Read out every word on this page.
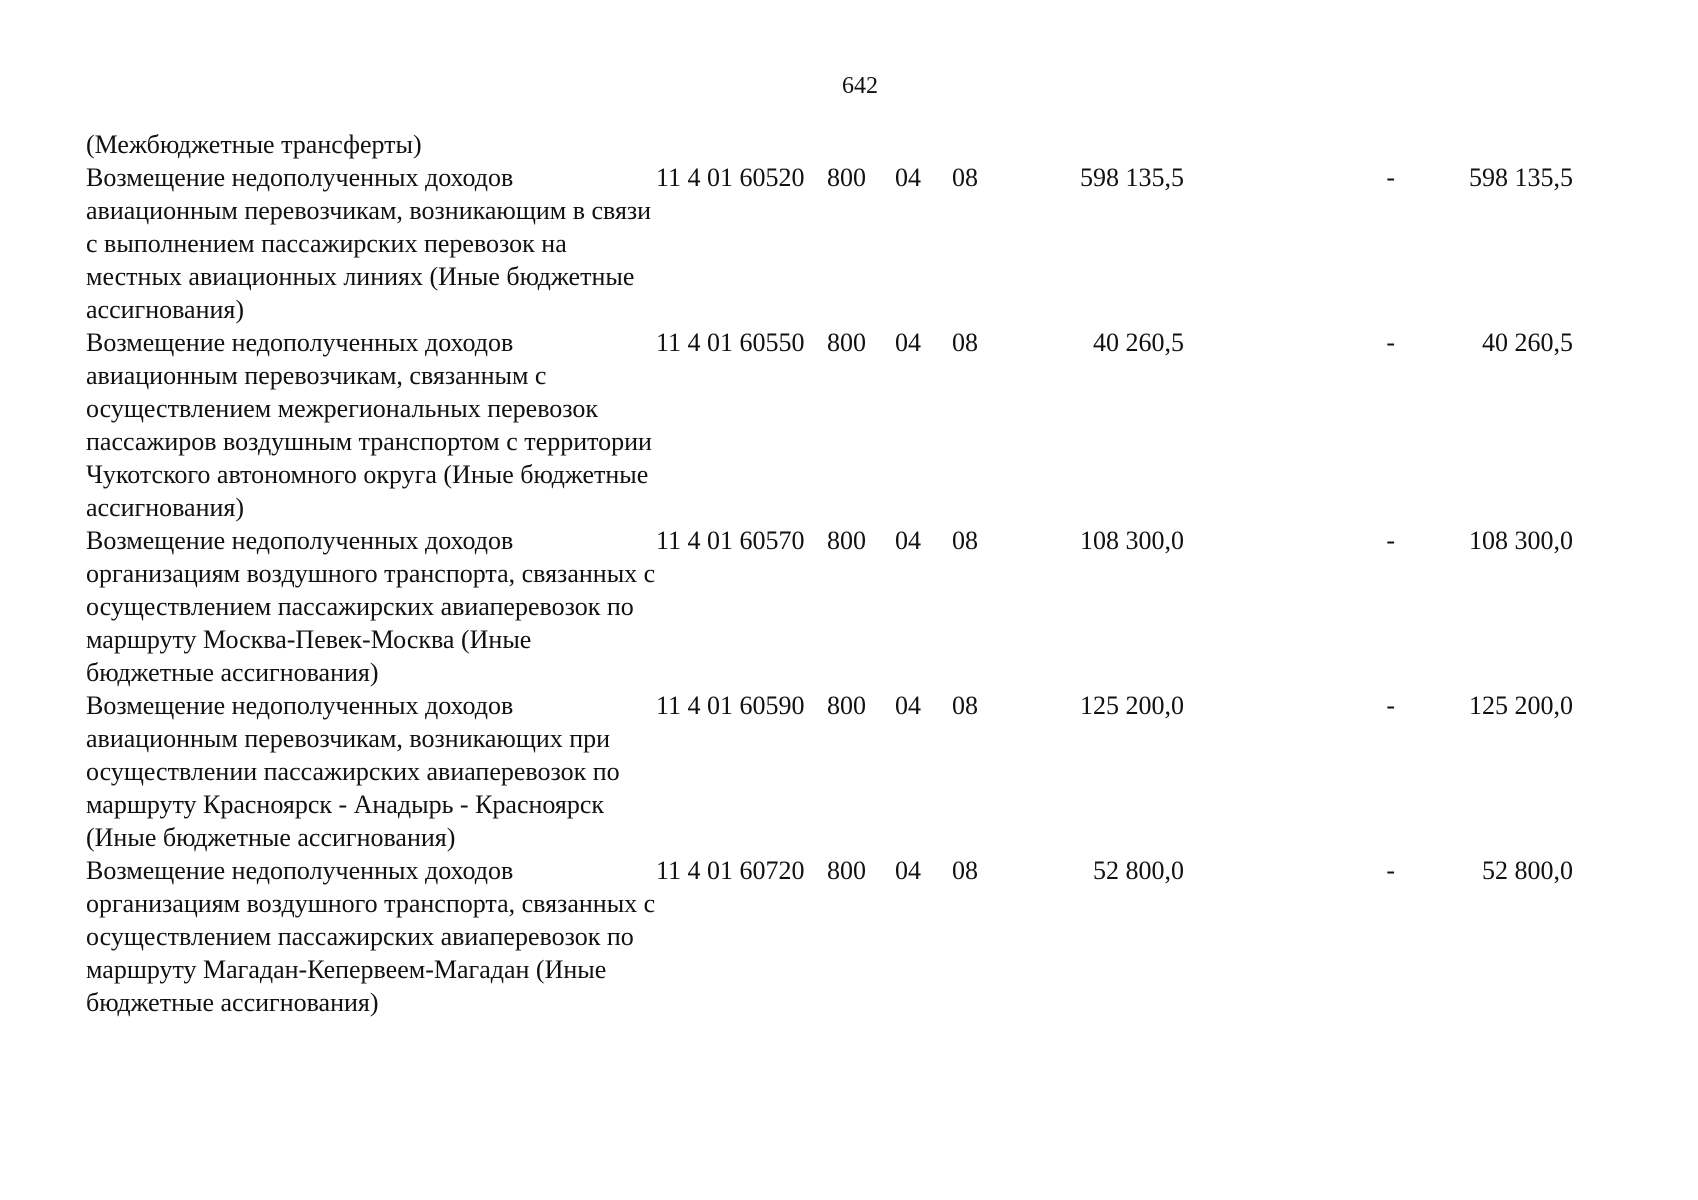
642
(Межбюджетные трансферты)
Возмещение недополученных доходов авиационным перевозчикам, возникающим в связи с выполнением пассажирских перевозок на местных авиационных линиях (Иные бюджетные ассигнования)	11 4 01 60520	800	04	08	598 135,5	-	598 135,5
Возмещение недополученных доходов авиационным перевозчикам, связанным с осуществлением межрегиональных перевозок пассажиров воздушным транспортом с территории Чукотского автономного округа (Иные бюджетные ассигнования)	11 4 01 60550	800	04	08	40 260,5	-	40 260,5
Возмещение недополученных доходов организациям воздушного транспорта, связанных с осуществлением пассажирских авиаперевозок по маршруту Москва-Певек-Москва (Иные бюджетные ассигнования)	11 4 01 60570	800	04	08	108 300,0	-	108 300,0
Возмещение недополученных доходов авиационным перевозчикам, возникающих при осуществлении пассажирских авиаперевозок по маршруту Красноярск - Анадырь - Красноярск (Иные бюджетные ассигнования)	11 4 01 60590	800	04	08	125 200,0	-	125 200,0
Возмещение недополученных доходов организациям воздушного транспорта, связанных с осуществлением пассажирских авиаперевозок по маршруту Магадан-Кепервеем-Магадан (Иные бюджетные ассигнования)	11 4 01 60720	800	04	08	52 800,0	-	52 800,0
